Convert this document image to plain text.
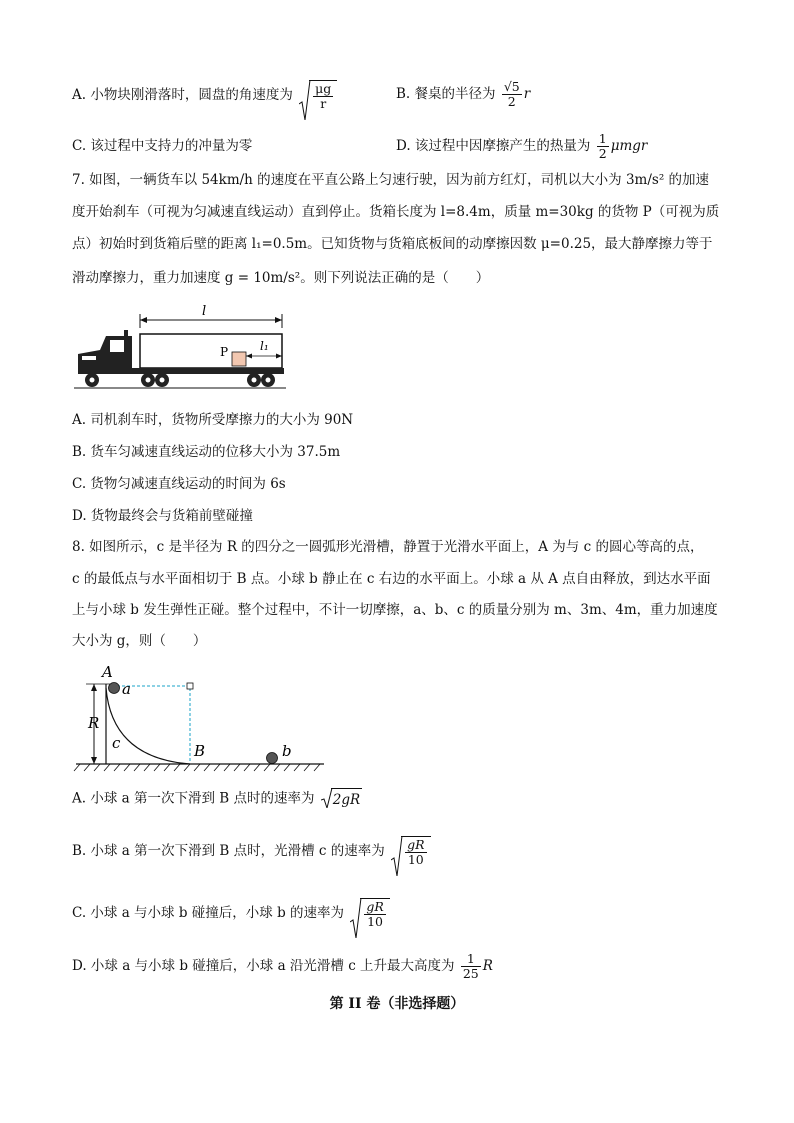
A. 小物块刚滑落时，圆盘的角速度为 $\frac{\mu g}{r}$	B. 餐桌的半径为 $\frac{√5}{2}$ r
C. 该过程中支持力的冲量为零	D. 该过程中因摩擦产生的热量为 $\frac{1}{2}$ μmgr
7. 如图，一辆货车以 54km/h 的速度在平直公路上匀速行驶，因为前方红灯，司机以大小为 3m/s² 的加速
度开始刹车（可视为匀减速直线运动）直到停止。货箱长度为 l=8.4m，质量 m=30kg 的货物 P（可视为质
点）初始时到货箱后壁的距离 l₁=0.5m。已知货物与货箱底板间的动摩擦因数 μ=0.25，最大静摩擦力等于
滑动摩擦力，重力加速度 g = 10m/s²。则下列说法正确的是（　　）
l
P	l₁
A. 司机刹车时，货物所受摩擦力的大小为 90N
B. 货车匀减速直线运动的位移大小为 37.5m
C. 货物匀减速直线运动的时间为 6s
D. 货物最终会与货箱前壁碰撞
8. 如图所示，c 是半径为 R 的四分之一圆弧形光滑槽，静置于光滑水平面上，A 为与 c 的圆心等高的点，
c 的最低点与水平面相切于 B 点。小球 b 静止在 c 右边的水平面上。小球 a 从 A 点自由释放，到达水平面
上与小球 b 发生弹性正碰。整个过程中，不计一切摩擦，a、b、c 的质量分别为 m、3m、4m，重力加速度
大小为 g，则（　　）
A
R
a
c	B	b
A. 小球 a 第一次下滑到 B 点时的速率为 2gR
B. 小球 a 第一次下滑到 B 点时，光滑槽 c 的速率为 $\frac{gR}{10}$
C. 小球 a 与小球 b 碰撞后，小球 b 的速率为 $\frac{gR}{10}$
D. 小球 a 与小球 b 碰撞后，小球 a 沿光滑槽 c 上升最大高度为 $\frac{1}{25}$ R
第 II 卷（非选择题）
